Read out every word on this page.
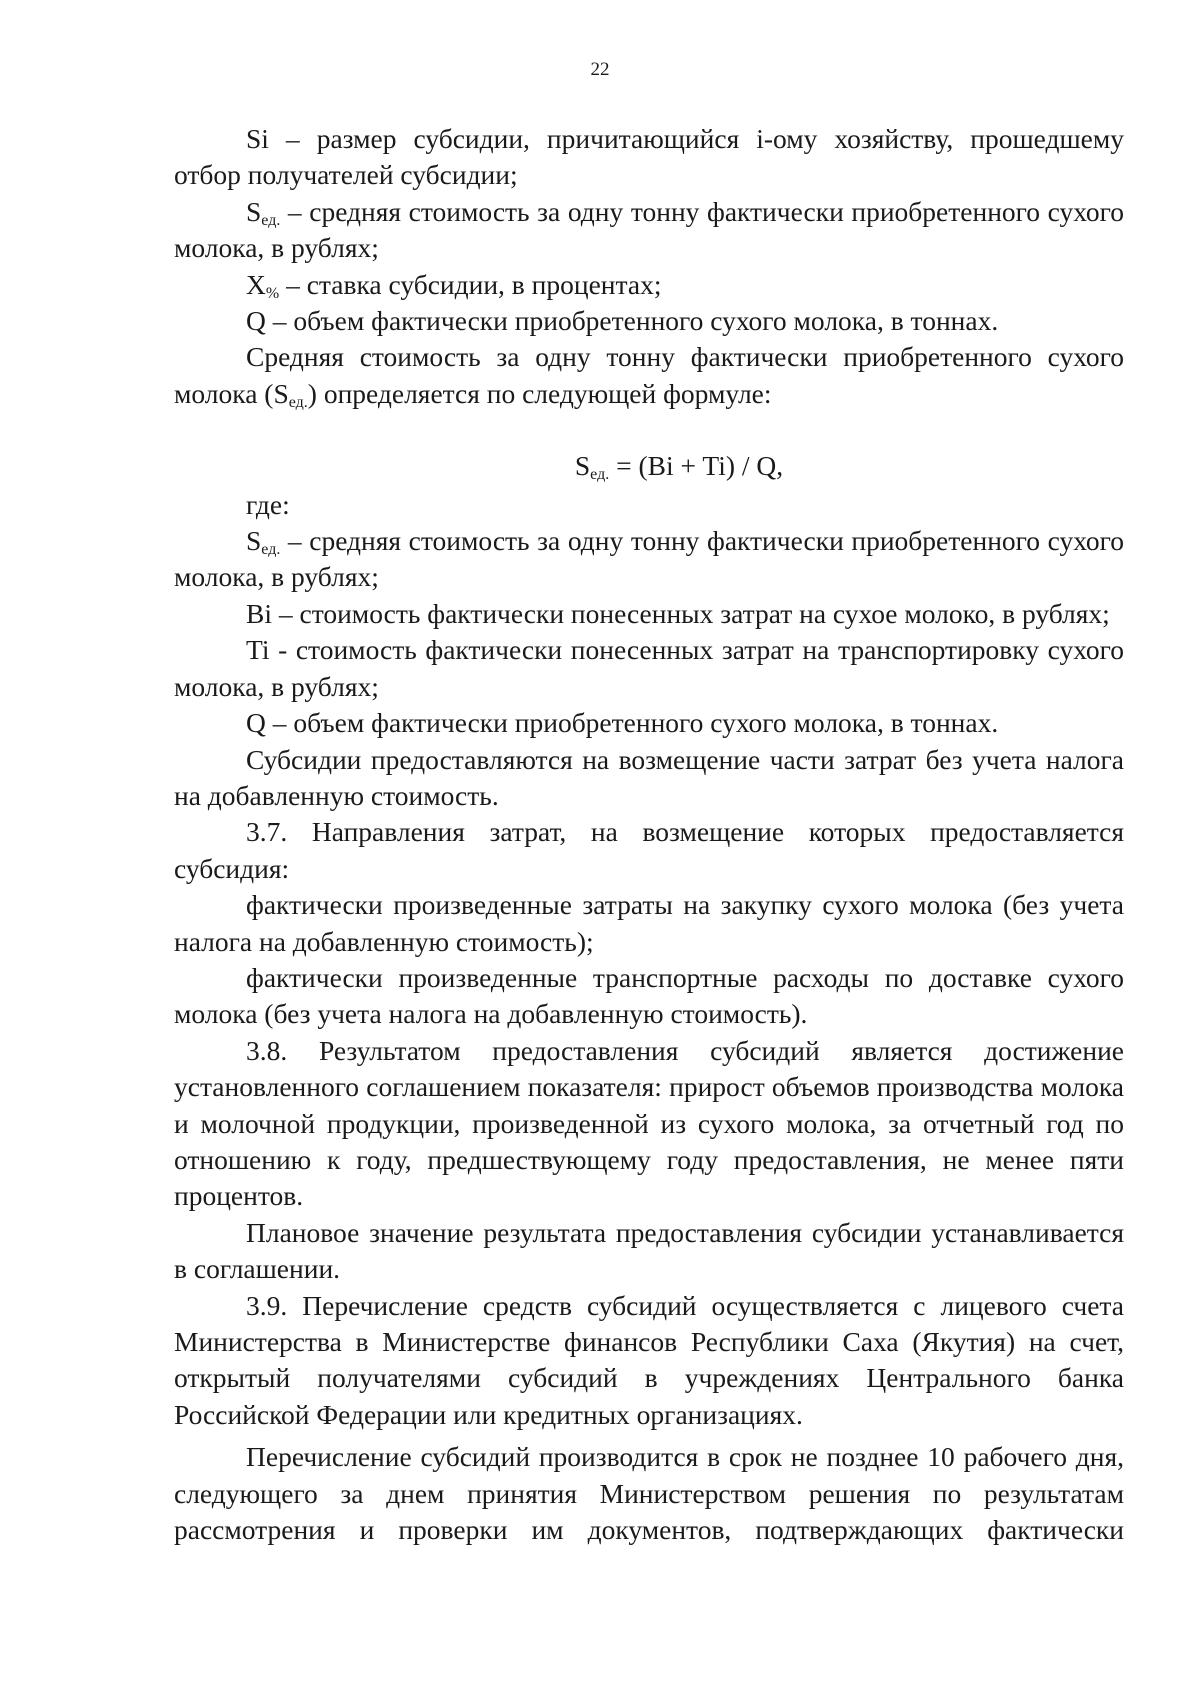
22

Si – размер субсидии, причитающийся i-ому хозяйству, прошедшему отбор получателей субсидии;

$S_{ед.}$ – средняя стоимость за одну тонну фактически приобретенного сухого молока, в рублях;

$X_{\%}$ – ставка субсидии, в процентах;

Q – объем фактически приобретенного сухого молока, в тоннах.

Средняя стоимость за одну тонну фактически приобретенного сухого молока $(S_{ед.})$ определяется по следующей формуле:

$S_{ед.} = (Bi + Ti) / Q$,

где:

$S_{ед.}$ – средняя стоимость за одну тонну фактически приобретенного сухого молока, в рублях;

Bi – стоимость фактически понесенных затрат на сухое молоко, в рублях;

Ti - стоимость фактически понесенных затрат на транспортировку сухого молока, в рублях;

Q – объем фактически приобретенного сухого молока, в тоннах.

Субсидии предоставляются на возмещение части затрат без учета налога на добавленную стоимость.

3.7. Направления затрат, на возмещение которых предоставляется субсидия:

фактически произведенные затраты на закупку сухого молока (без учета налога на добавленную стоимость);

фактически произведенные транспортные расходы по доставке сухого молока (без учета налога на добавленную стоимость).

3.8. Результатом предоставления субсидий является достижение установленного соглашением показателя: прирост объемов производства молока и молочной продукции, произведенной из сухого молока, за отчетный год по отношению к году, предшествующему году предоставления, не менее пяти процентов.

Плановое значение результата предоставления субсидии устанавливается в соглашении.

3.9. Перечисление средств субсидий осуществляется с лицевого счета Министерства в Министерстве финансов Республики Саха (Якутия) на счет, открытый получателями субсидий в учреждениях Центрального банка Российской Федерации или кредитных организациях.

Перечисление субсидий производится в срок не позднее 10 рабочего дня, следующего за днем принятия Министерством решения по результатам рассмотрения и проверки им документов, подтверждающих фактически
